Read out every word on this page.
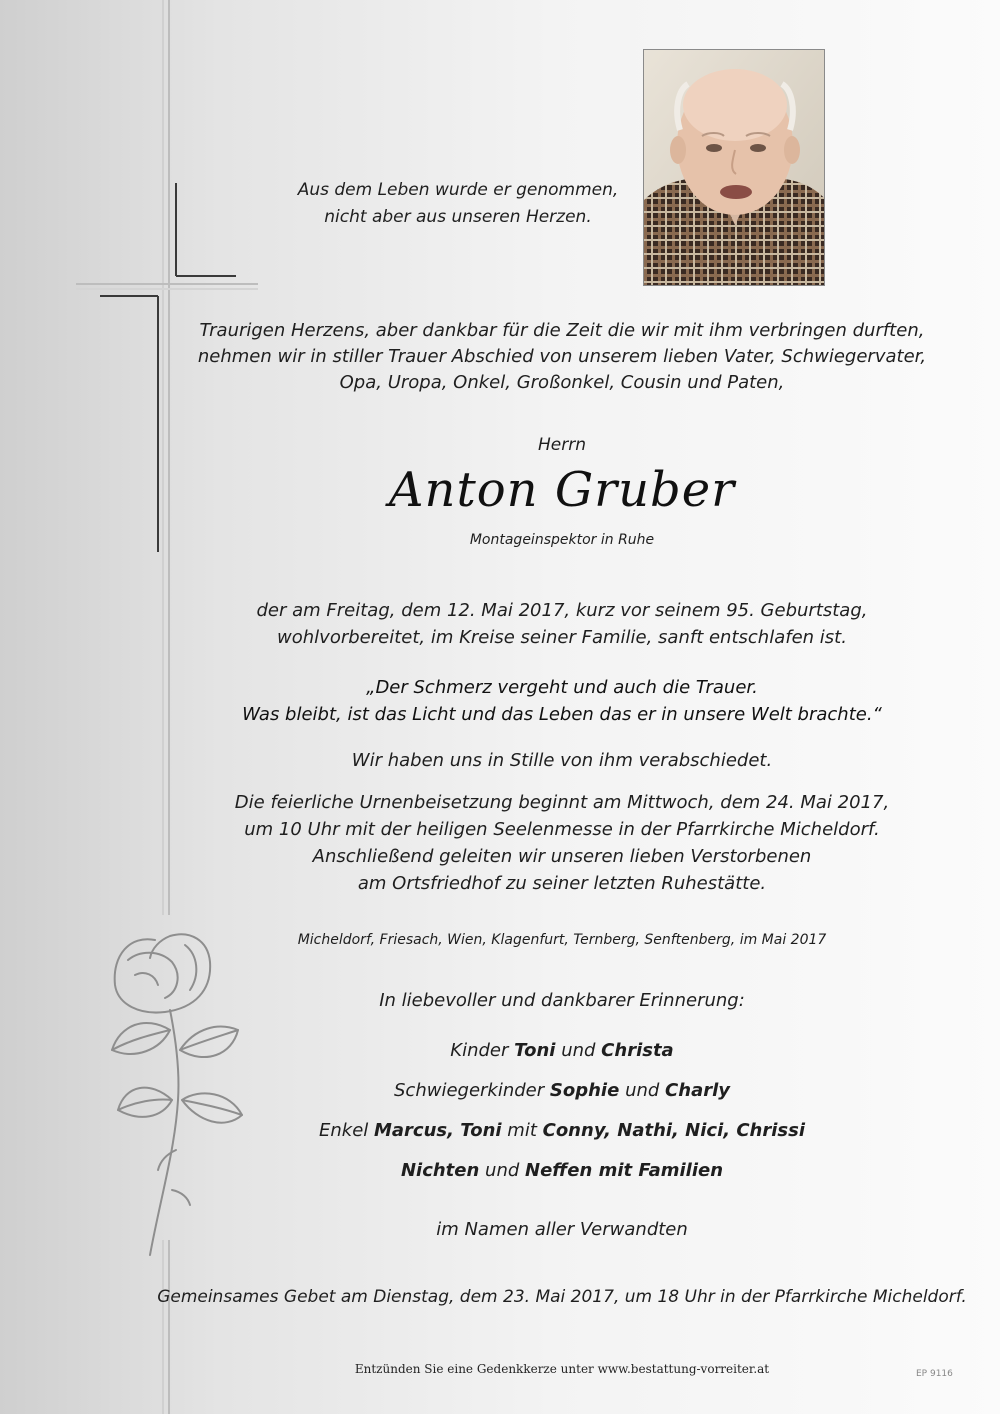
Aus dem Leben wurde er genommen,
nicht aber aus unseren Herzen.
Traurigen Herzens, aber dankbar für die Zeit die wir mit ihm verbringen durften,
nehmen wir in stiller Trauer Abschied von unserem lieben Vater, Schwiegervater,
Opa, Uropa, Onkel, Großonkel, Cousin und Paten,
Herrn
Anton Gruber
Montageinspektor in Ruhe
der am Freitag, dem 12. Mai 2017, kurz vor seinem 95. Geburtstag,
wohlvorbereitet, im Kreise seiner Familie, sanft entschlafen ist.
„Der Schmerz vergeht und auch die Trauer.
Was bleibt, ist das Licht und das Leben das er in unsere Welt brachte.“
Wir haben uns in Stille von ihm verabschiedet.
Die feierliche Urnenbeisetzung beginnt am Mittwoch, dem 24. Mai 2017,
um 10 Uhr mit der heiligen Seelenmesse in der Pfarrkirche Micheldorf.
Anschließend geleiten wir unseren lieben Verstorbenen
am Ortsfriedhof zu seiner letzten Ruhestätte.
Micheldorf, Friesach, Wien, Klagenfurt, Ternberg, Senftenberg, im Mai 2017
In liebevoller und dankbarer Erinnerung:
Kinder Toni und Christa
Schwiegerkinder Sophie und Charly
Enkel Marcus, Toni mit Conny, Nathi, Nici, Chrissi
Nichten und Neffen mit Familien
im Namen aller Verwandten
Gemeinsames Gebet am Dienstag, dem 23. Mai 2017, um 18 Uhr in der Pfarrkirche Micheldorf.
Entzünden Sie eine Gedenkkerze unter www.bestattung-vorreiter.at	EP 9116
